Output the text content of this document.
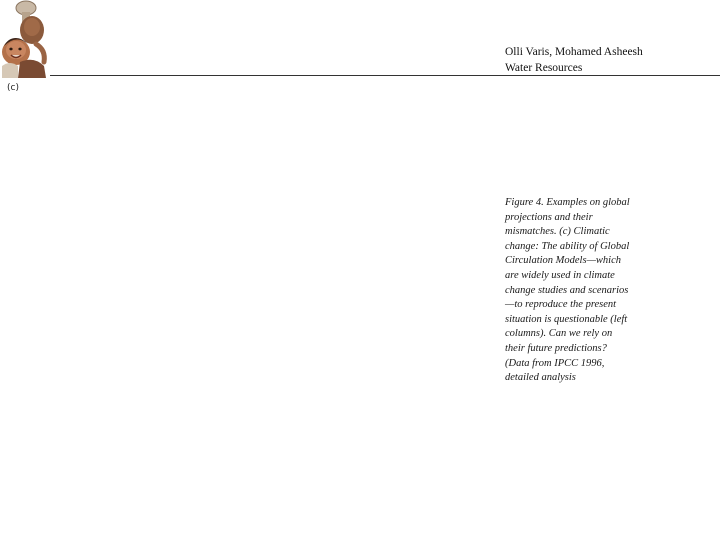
Olli Varis, Mohamed Asheesh
Water Resources
(c)
Figure 4. Examples on global projections and their mismatches. (c) Climatic change: The ability of Global Circulation Models—which are widely used in climate change studies and scenarios—to reproduce the present situation is questionable (left columns). Can we rely on their future predictions? (Data from IPCC 1996, detailed analysis
